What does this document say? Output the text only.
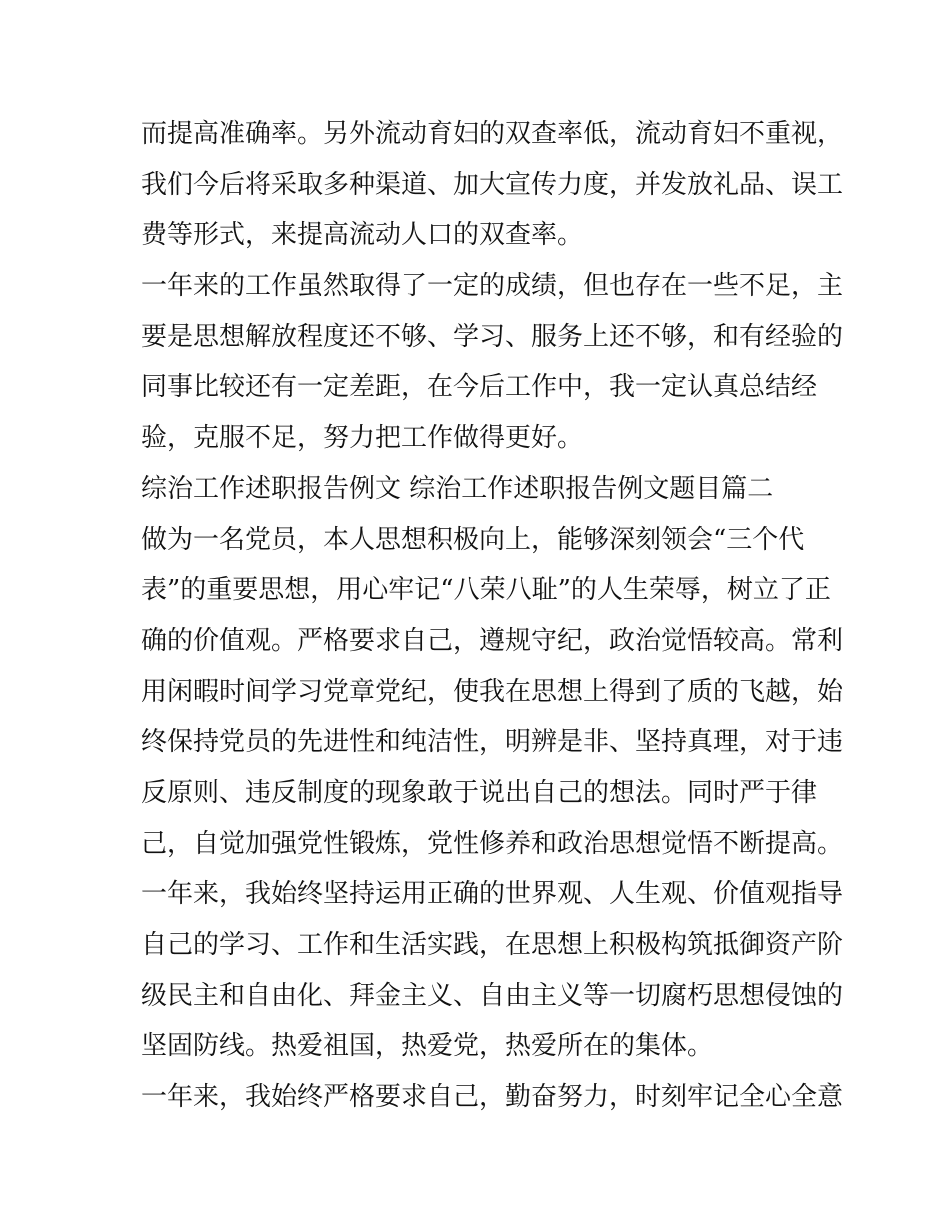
而提高准确率。另外流动育妇的双查率低，流动育妇不重视，

我们今后将采取多种渠道、加大宣传力度，并发放礼品、误工

费等形式，来提高流动人口的双查率。

一年来的工作虽然取得了一定的成绩，但也存在一些不足，主

要是思想解放程度还不够、学习、服务上还不够，和有经验的

同事比较还有一定差距，在今后工作中，我一定认真总结经

验，克服不足，努力把工作做得更好。

综治工作述职报告例文 综治工作述职报告例文题目篇二

做为一名党员，本人思想积极向上，能够深刻领会“三个代

表”的重要思想，用心牢记“八荣八耻”的人生荣辱，树立了正

确的价值观。严格要求自己，遵规守纪，政治觉悟较高。常利

用闲暇时间学习党章党纪，使我在思想上得到了质的飞越，始

终保持党员的先进性和纯洁性，明辨是非、坚持真理，对于违

反原则、违反制度的现象敢于说出自己的想法。同时严于律

己，自觉加强党性锻炼，党性修养和政治思想觉悟不断提高。

一年来，我始终坚持运用正确的世界观、人生观、价值观指导

自己的学习、工作和生活实践，在思想上积极构筑抵御资产阶

级民主和自由化、拜金主义、自由主义等一切腐朽思想侵蚀的

坚固防线。热爱祖国，热爱党，热爱所在的集体。

一年来，我始终严格要求自己，勤奋努力，时刻牢记全心全意
